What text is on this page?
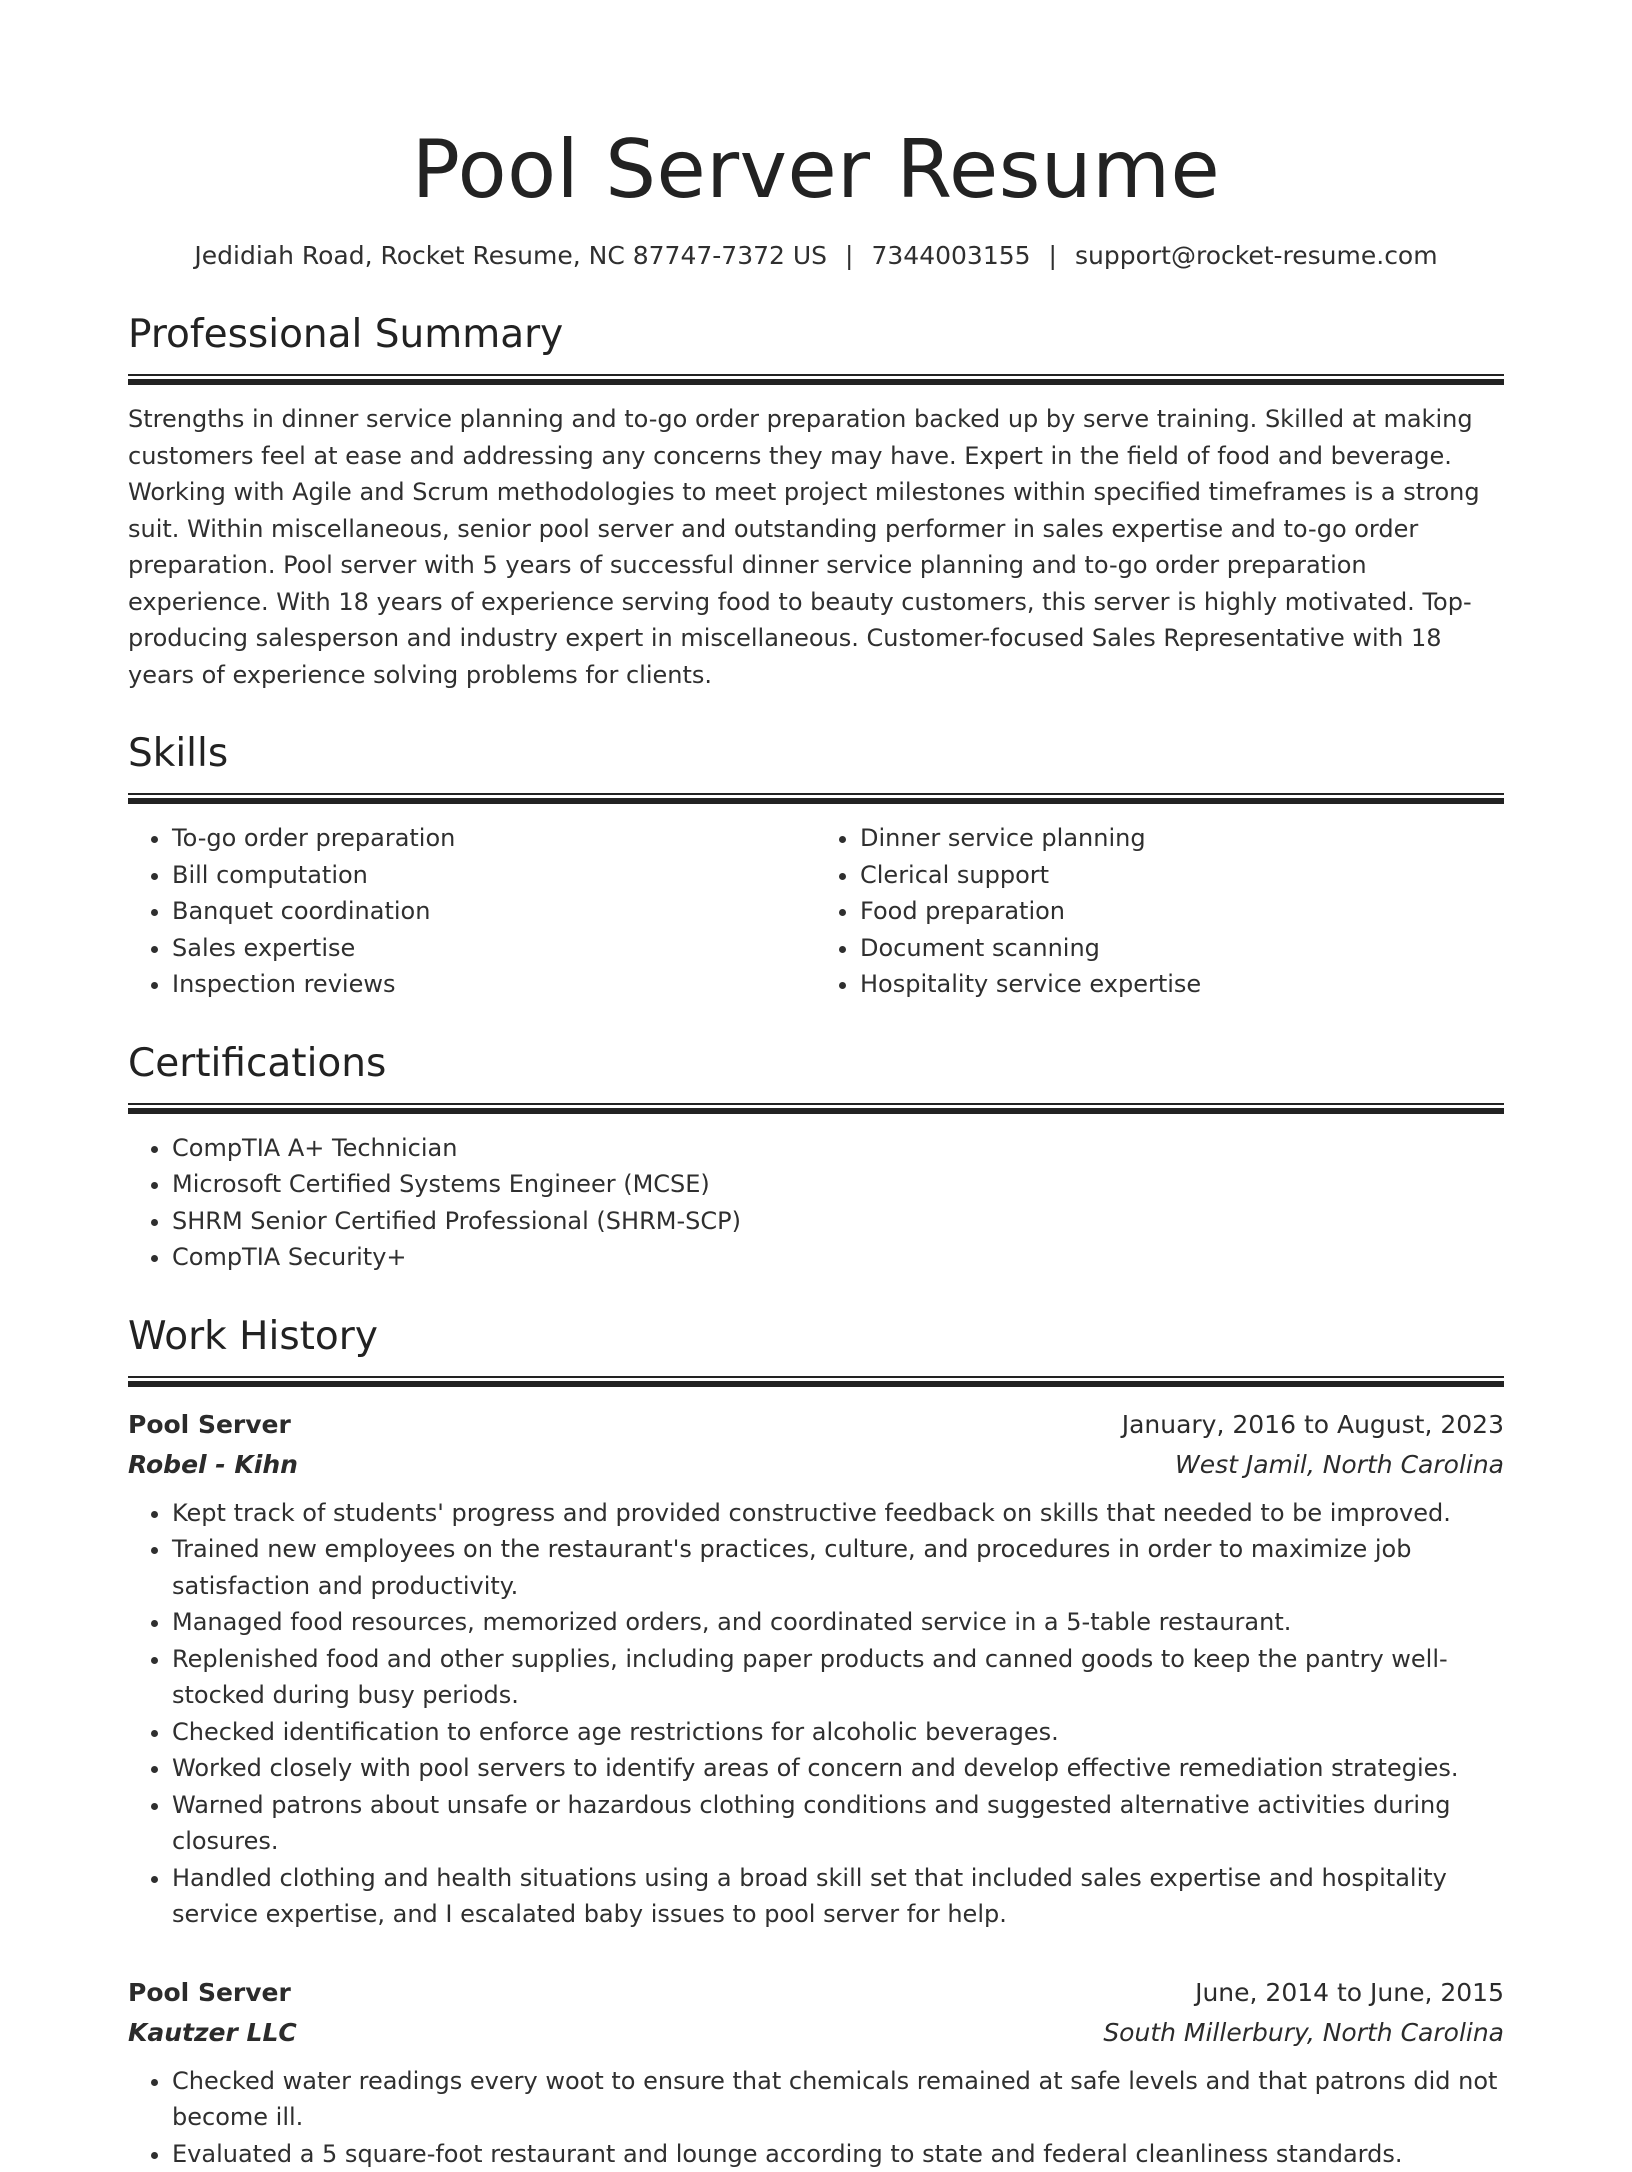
Pool Server Resume
Jedidiah Road, Rocket Resume, NC 87747-7372 US | 7344003155 | support@rocket-resume.com
Professional Summary
Strengths in dinner service planning and to-go order preparation backed up by serve training. Skilled at making customers feel at ease and addressing any concerns they may have. Expert in the field of food and beverage. Working with Agile and Scrum methodologies to meet project milestones within specified timeframes is a strong suit. Within miscellaneous, senior pool server and outstanding performer in sales expertise and to-go order preparation. Pool server with 5 years of successful dinner service planning and to-go order preparation experience. With 18 years of experience serving food to beauty customers, this server is highly motivated. Top-producing salesperson and industry expert in miscellaneous. Customer-focused Sales Representative with 18 years of experience solving problems for clients.
Skills
• To-go order preparation
• Bill computation
• Banquet coordination
• Sales expertise
• Inspection reviews
• Dinner service planning
• Clerical support
• Food preparation
• Document scanning
• Hospitality service expertise
Certifications
• CompTIA A+ Technician
• Microsoft Certified Systems Engineer (MCSE)
• SHRM Senior Certified Professional (SHRM-SCP)
• CompTIA Security+
Work History
Pool Server	January, 2016 to August, 2023
Robel - Kihn	West Jamil, North Carolina
• Kept track of students' progress and provided constructive feedback on skills that needed to be improved.
• Trained new employees on the restaurant's practices, culture, and procedures in order to maximize job satisfaction and productivity.
• Managed food resources, memorized orders, and coordinated service in a 5-table restaurant.
• Replenished food and other supplies, including paper products and canned goods to keep the pantry well-stocked during busy periods.
• Checked identification to enforce age restrictions for alcoholic beverages.
• Worked closely with pool servers to identify areas of concern and develop effective remediation strategies.
• Warned patrons about unsafe or hazardous clothing conditions and suggested alternative activities during closures.
• Handled clothing and health situations using a broad skill set that included sales expertise and hospitality service expertise, and I escalated baby issues to pool server for help.
Pool Server	June, 2014 to June, 2015
Kautzer LLC	South Millerbury, North Carolina
• Checked water readings every woot to ensure that chemicals remained at safe levels and that patrons did not become ill.
• Evaluated a 5 square-foot restaurant and lounge according to state and federal cleanliness standards.
